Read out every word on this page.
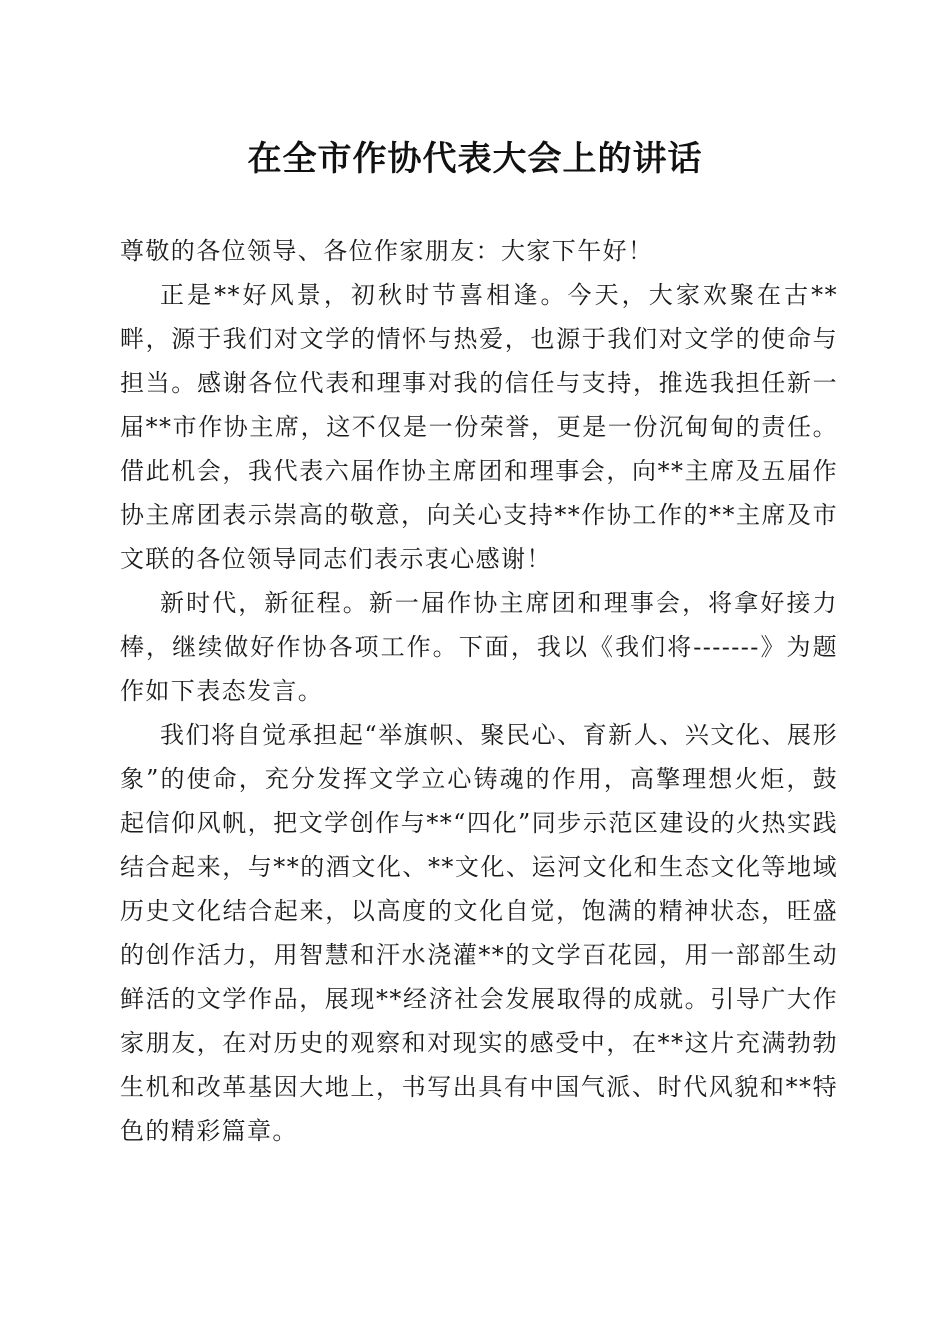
在全市作协代表大会上的讲话

尊敬的各位领导、各位作家朋友：大家下午好！

正是**好风景，初秋时节喜相逢。今天，大家欢聚在古**畔，源于我们对文学的情怀与热爱，也源于我们对文学的使命与担当。感谢各位代表和理事对我的信任与支持，推选我担任新一届**市作协主席，这不仅是一份荣誉，更是一份沉甸甸的责任。借此机会，我代表六届作协主席团和理事会，向**主席及五届作协主席团表示崇高的敬意，向关心支持**作协工作的**主席及市文联的各位领导同志们表示衷心感谢！

新时代，新征程。新一届作协主席团和理事会，将拿好接力棒，继续做好作协各项工作。下面，我以《我们将-------》为题作如下表态发言。

我们将自觉承担起“举旗帜、聚民心、育新人、兴文化、展形象”的使命，充分发挥文学立心铸魂的作用，高擎理想火炬，鼓起信仰风帆，把文学创作与**“四化”同步示范区建设的火热实践结合起来，与**的酒文化、**文化、运河文化和生态文化等地域历史文化结合起来，以高度的文化自觉，饱满的精神状态，旺盛的创作活力，用智慧和汗水浇灌**的文学百花园，用一部部生动鲜活的文学作品，展现**经济社会发展取得的成就。引导广大作家朋友，在对历史的观察和对现实的感受中，在**这片充满勃勃生机和改革基因大地上，书写出具有中国气派、时代风貌和**特色的精彩篇章。
